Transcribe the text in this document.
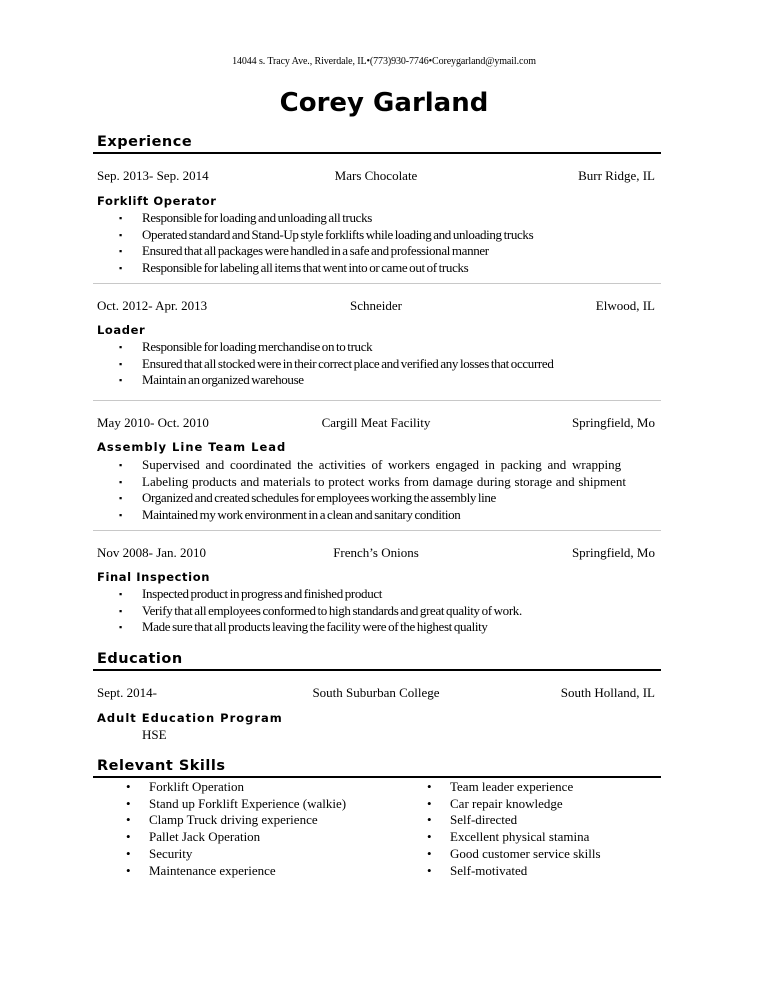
14044 s. Tracy Ave., Riverdale, IL•(773)930-7746•Coreygarland@ymail.com
Corey Garland
Experience
Sep. 2013- Sep. 2014	Mars Chocolate	Burr Ridge, IL
Forklift Operator
▪ Responsible for loading and unloading all trucks
▪ Operated standard and Stand-Up style forklifts while loading and unloading trucks
▪ Ensured that all packages were handled in a safe and professional manner
▪ Responsible for labeling all items that went into or came out of trucks
Oct. 2012- Apr. 2013	Schneider	Elwood, IL
Loader
▪ Responsible for loading merchandise on to truck
▪ Ensured that all stocked were in their correct place and verified any losses that occurred
▪ Maintain an organized warehouse
May 2010- Oct. 2010	Cargill Meat Facility	Springfield, Mo
Assembly Line Team Lead
▪ Supervised and coordinated the activities of workers engaged in packing and wrapping
▪ Labeling products and materials to protect works from damage during storage and shipment
▪ Organized and created schedules for employees working the assembly line
▪ Maintained my work environment in a clean and sanitary condition
Nov 2008- Jan. 2010	French’s Onions	Springfield, Mo
Final Inspection
▪ Inspected product in progress and finished product
▪ Verify that all employees conformed to high standards and great quality of work.
▪ Made sure that all products leaving the facility were of the highest quality
Education
Sept. 2014-	South Suburban College	South Holland, IL
Adult Education Program
HSE
Relevant Skills
• Forklift Operation
• Stand up Forklift Experience (walkie)
• Clamp Truck driving experience
• Pallet Jack Operation
• Security
• Maintenance experience
• Team leader experience
• Car repair knowledge
• Self-directed
• Excellent physical stamina
• Good customer service skills
• Self-motivated
